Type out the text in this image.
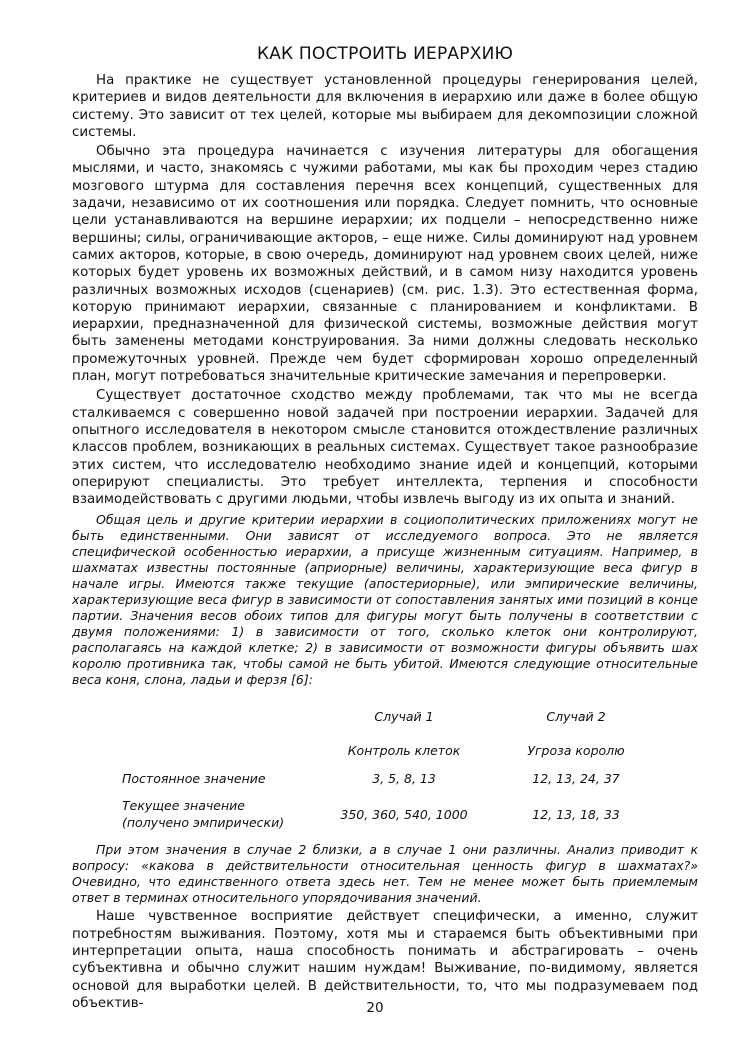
КАК ПОСТРОИТЬ ИЕРАРХИЮ

На практике не существует установленной процедуры генерирования целей, критериев и видов деятельности для включения в иерархию или даже в более общую систему. Это зависит от тех целей, которые мы выбираем для декомпозиции сложной системы.

Обычно эта процедура начинается с изучения литературы для обогащения мыслями, и часто, знакомясь с чужими работами, мы как бы проходим через стадию мозгового штурма для составления перечня всех концепций, существенных для задачи, независимо от их соотношения или порядка. Следует помнить, что основные цели устанавливаются на вершине иерархии; их подцели – непосредственно ниже вершины; силы, ограничивающие акторов, – еще ниже. Силы доминируют над уровнем самих акторов, которые, в свою очередь, доминируют над уровнем своих целей, ниже которых будет уровень их возможных действий, и в самом низу находится уровень различных возможных исходов (сценариев) (см. рис. 1.3). Это естественная форма, которую принимают иерархии, связанные с планированием и конфликтами. В иерархии, предназначенной для физической системы, возможные действия могут быть заменены методами конструирования. За ними должны следовать несколько промежуточных уровней. Прежде чем будет сформирован хорошо определенный план, могут потребоваться значительные критические замечания и перепроверки.

Существует достаточное сходство между проблемами, так что мы не всегда сталкиваемся с совершенно новой задачей при построении иерархии. Задачей для опытного исследователя в некотором смысле становится отождествление различных классов проблем, возникающих в реальных системах. Существует такое разнообразие этих систем, что исследователю необходимо знание идей и концепций, которыми оперируют специалисты. Это требует интеллекта, терпения и способности взаимодействовать с другими людьми, чтобы извлечь выгоду из их опыта и знаний.

Общая цель и другие критерии иерархии в социополитических приложениях могут не быть единственными. Они зависят от исследуемого вопроса. Это не является специфической особенностью иерархии, а присуще жизненным ситуациям. Например, в шахматах известны постоянные (априорные) величины, характеризующие веса фигур в начале игры. Имеются также текущие (апостериорные), или эмпирические величины, характеризующие веса фигур в зависимости от сопоставления занятых ими позиций в конце партии. Значения весов обоих типов для фигуры могут быть получены в соответствии с двумя положениями: 1) в зависимости от того, сколько клеток они контролируют, располагаясь на каждой клетке; 2) в зависимости от возможности фигуры объявить шах королю противника так, чтобы самой не быть убитой. Имеются следующие относительные веса коня, слона, ладьи и ферзя [6]:

	Случай 1	Случай 2
	Контроль клеток	Угроза королю
Постоянное значение	3, 5, 8, 13	12, 13, 24, 37
Текущее значение
(получено эмпирически)	350, 360, 540, 1000	12, 13, 18, 33

При этом значения в случае 2 близки, а в случае 1 они различны. Анализ приводит к вопросу: «какова в действительности относительная ценность фигур в шахматах?» Очевидно, что единственного ответа здесь нет. Тем не менее может быть приемлемым ответ в терминах относительного упорядочивания значений.

Наше чувственное восприятие действует специфически, а именно, служит потребностям выживания. Поэтому, хотя мы и стараемся быть объективными при интерпретации опыта, наша способность понимать и абстрагировать – очень субъективна и обычно служит нашим нуждам! Выживание, по-видимому, является основой для выработки целей. В действительности, то, что мы подразумеваем под объектив-	20
